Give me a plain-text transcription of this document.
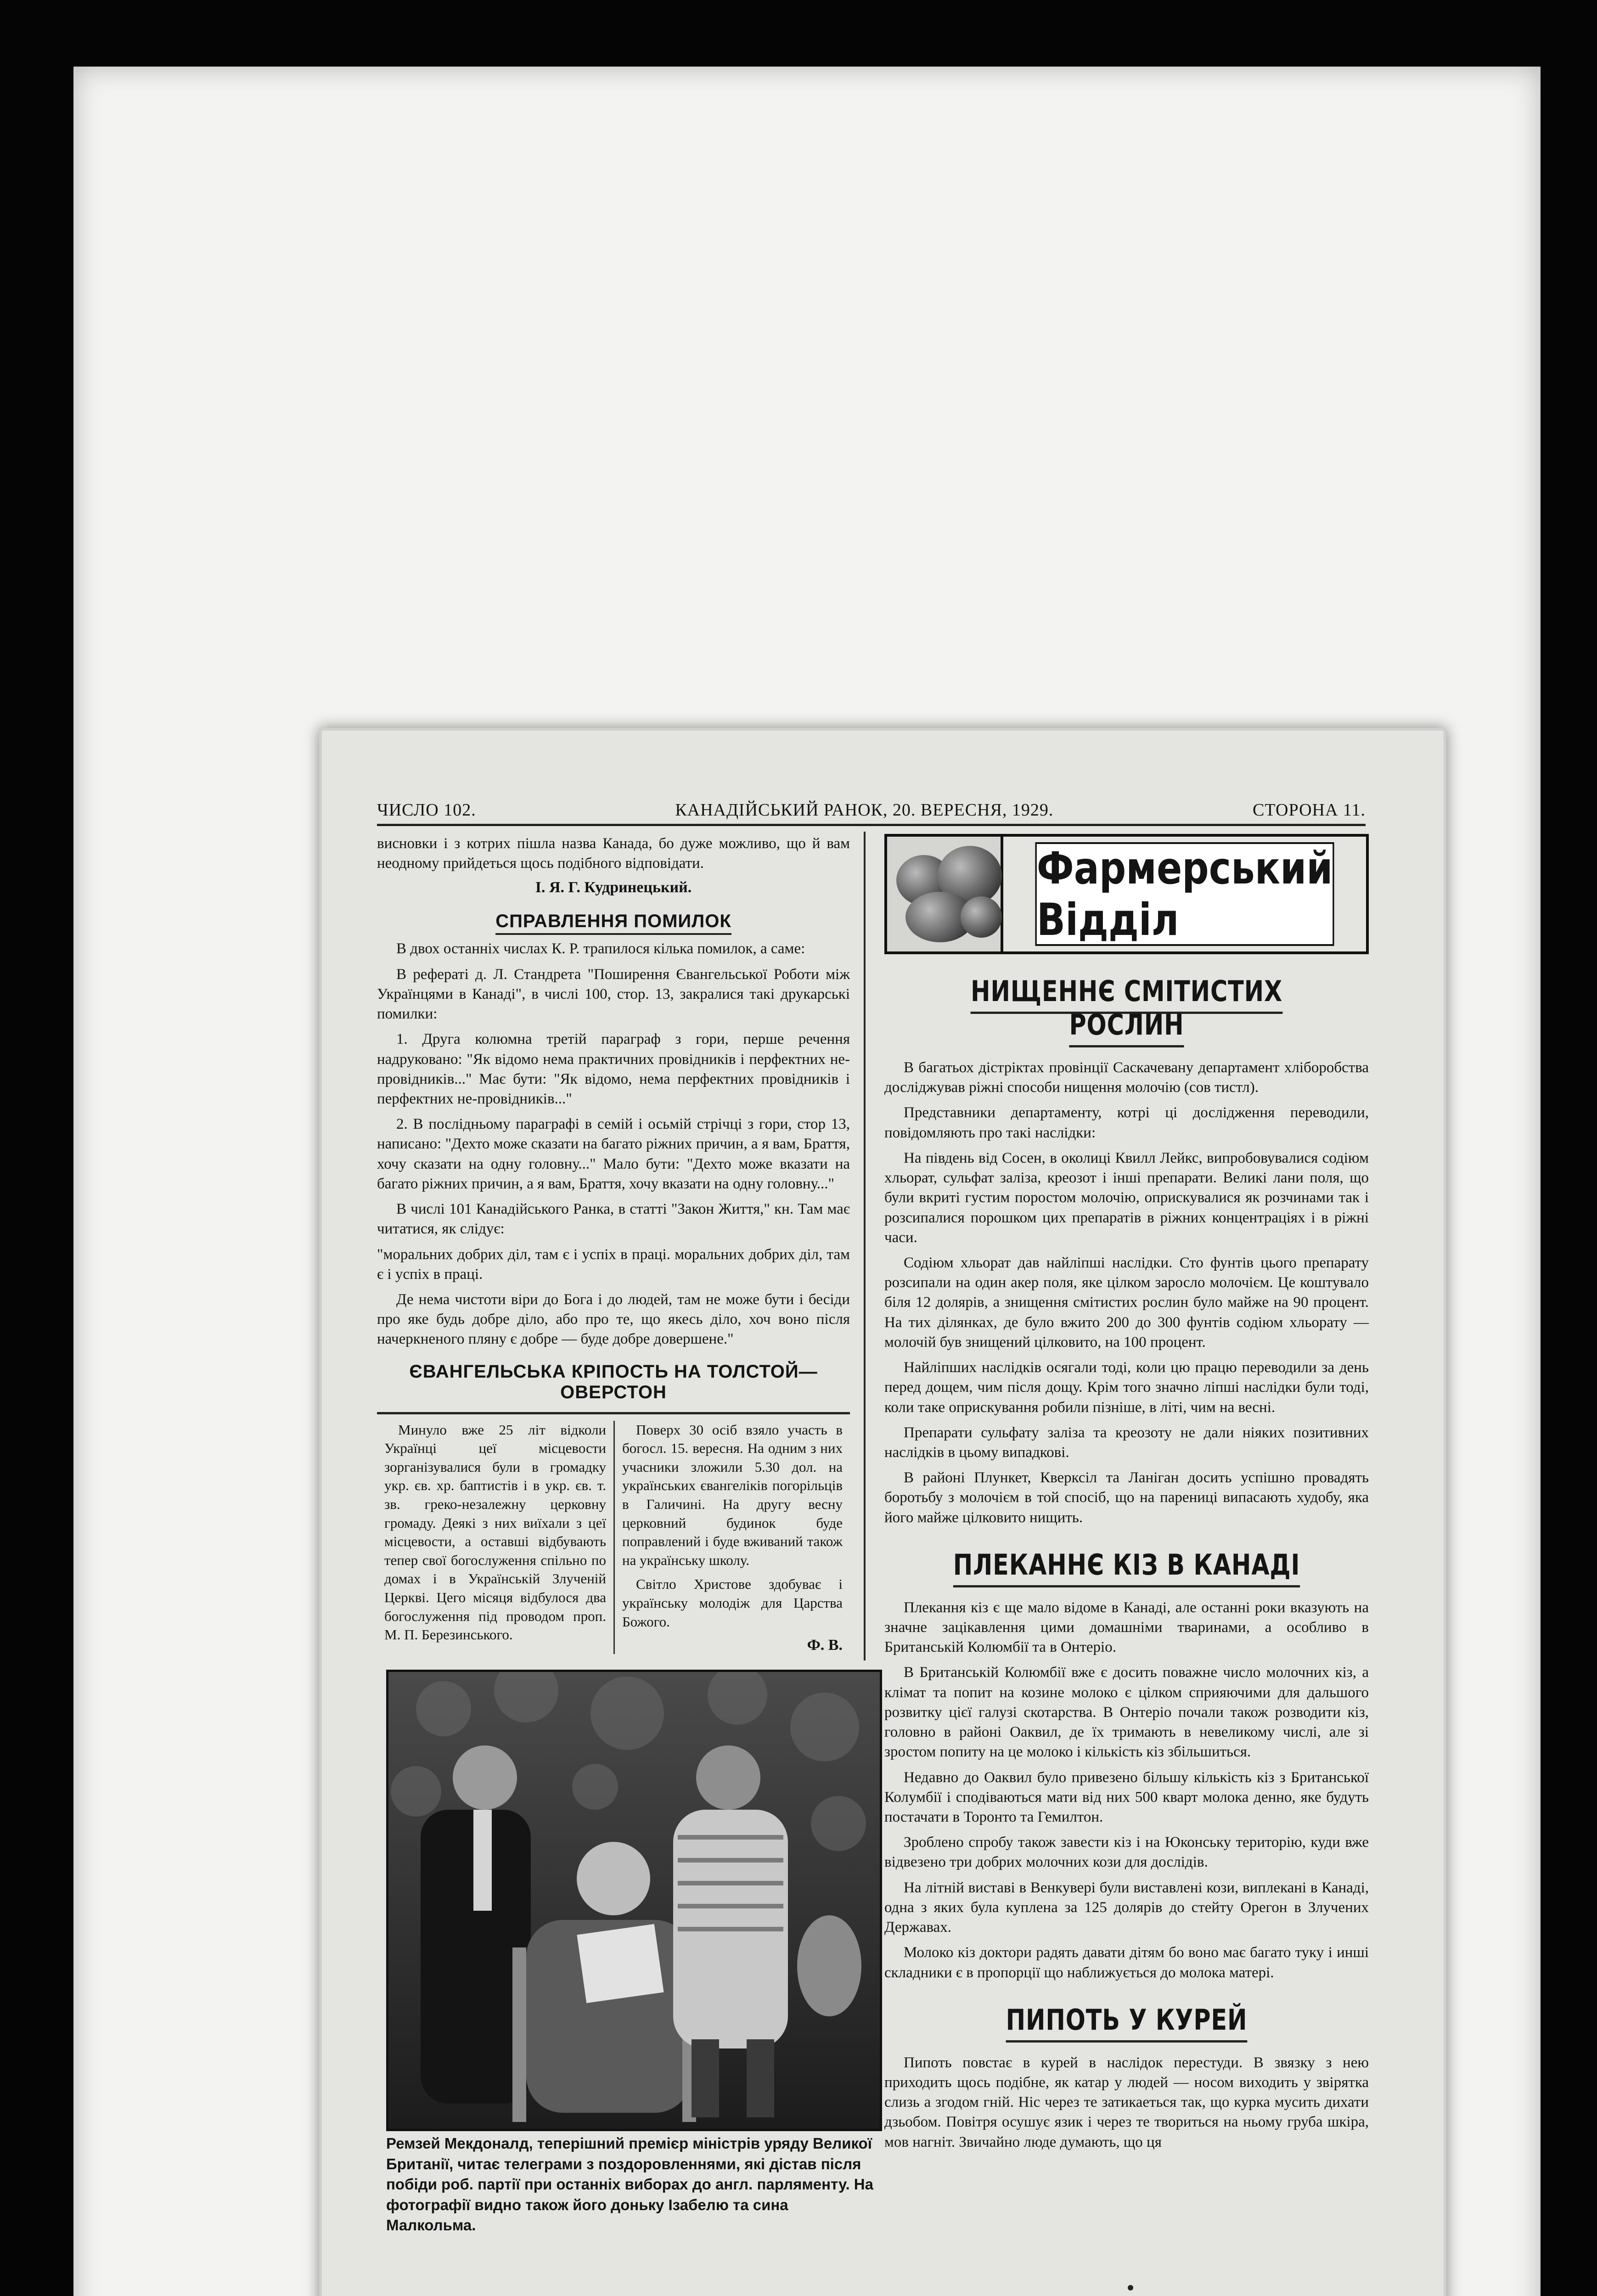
ЧИСЛО 102.	КАНАДІЙСЬКИЙ РАНОК, 20. ВЕРЕСНЯ, 1929.	СТОРОНА 11.

висновки і з котрих пішла назва Канада, бо дуже можливо, що й вам неодному прийдеться щось подібного відповідати.

І. Я. Г. Кудринецький.
СПРАВЛЕННЯ ПОМИЛОК

В двох останніх числах К. Р. трапилося кілька помилок, а саме:

В рефераті д. Л. Стандрета "Поширення Євангельської Роботи між Українцями в Канаді", в числі 100, стор. 13, закралися такі друкарські помилки:

1. Друга колюмна третій параграф з гори, перше речення надруковано: "Як відомо нема практичних провідників і перфектних не-провідників..." Має бути: "Як відомо, нема перфектних провідників і перфектних не-провідників..."

2. В послідньому параграфі в семій і осьмій стрічці з гори, стор 13, написано: "Дехто може сказати на багато ріжних причин, а я вам, Браття, хочу сказати на одну головну..." Мало бути: "Дехто може вказати на багато ріжних причин, а я вам, Браття, хочу вказати на одну головну..."

В числі 101 Канадійського Ранка, в статті "Закон Життя," кн. Там має читатися, як слідує:

"моральних добрих діл, там є і успіх в праці. моральних добрих діл, там є і успіх в праці.

Де нема чистоти віри до Бога і до людей, там не може бути і бесіди про яке будь добре діло, або про те, що якесь діло, хоч воно після начеркненого пляну є добре — буде добре довершене."

ЄВАНГЕЛЬСЬКА КРІПОСТЬ НА ТОЛСТОЙ—ОВЕРСТОН

Минуло вже 25 літ відколи Українці цеї місцевости зорганізувалися були в громадку укр. єв. хр. баптистів і в укр. єв. т. зв. греко-незалежну церковну громаду. Деякі з них виїхали з цеї місцевости, а оставші відбувають тепер свої богослуження спільно по домах і в Українській Злученій Церкві. Цего місяця відбулося два богослуження під проводом проп. М. П. Березинського.

Поверх 30 осіб взяло участь в богосл. 15. вересня. На одним з них учасники зложили 5.30 дол. на українських євангеліків погорільців в Галичині. На другу весну церковний будинок буде поправлений і буде вживаний також на українську школу.

Світло Христове здобуває і українську молодіж для Царства Божого.

Ф. В.
Ремзей Мекдоналд, теперішний премієр міністрів уряду Великої Британії, читає телеграми з поздоровленнями, які дістав після побіди роб. партії при останніх виборах до англ. парляменту. На фотографії видно також його доньку Ізабелю та сина Малкольма.
Фармерський Відділ
НИЩЕННЄ СМІТИСТИХ РОСЛИН

В багатьох дістріктах провінції Саскачевану департамент хліборобства досліджував ріжні способи нищення молочію (сов тистл).

Представники департаменту, котрі ці дослідження переводили, повідомляють про такі наслідки:

На південь від Сосен, в околиці Квилл Лейкс, випробовувалися содіюм хльорат, сульфат заліза, креозот і інші препарати. Великі лани поля, що були вкриті густим поростом молочію, оприскувалися як розчинами так і розсипалися порошком цих препаратів в ріжних концентраціях і в ріжні часи.

Содіюм хльорат дав найліпші наслідки. Сто фунтів цього препарату розсипали на один акер поля, яке цілком заросло молочієм. Це коштувало біля 12 долярів, а знищення смітистих рослин було майже на 90 процент. На тих ділянках, де було вжито 200 до 300 фунтів содіюм хльорату — молочій був знищений цілковито, на 100 процент.

Найліпших наслідків осягали тоді, коли цю працю переводили за день перед дощем, чим після дощу. Крім того значно ліпші наслідки були тоді, коли таке оприскування робили пізніше, в літі, чим на весні.

Препарати сульфату заліза та креозоту не дали ніяких позитивних наслідків в цьому випадкові.

В районі Плункет, Кверксіл та Ланіган досить успішно провадять боротьбу з молочієм в той спосіб, що на парениці випасають худобу, яка його майже цілковито нищить.

ПЛЕКАННЄ КІЗ В КАНАДІ

Плекання кіз є ще мало відоме в Канаді, але останні роки вказують на значне зацікавлення цими домашніми тваринами, а особливо в Британській Колюмбії та в Онтеріо.

В Британській Колюмбії вже є досить поважне число молочних кіз, а клімат та попит на козине молоко є цілком сприяючими для дальшого розвитку цієї галузі скотарства. В Онтеріо почали також розводити кіз, головно в районі Оаквил, де їх тримають в невеликому числі, але зі зростом попиту на це молоко і кількість кіз збільшиться.

Недавно до Оаквил було привезено більшу кількість кіз з Британської Колумбії і сподіваються мати від них 500 кварт молока денно, яке будуть постачати в Торонто та Гемилтон.

Зроблено спробу також завести кіз і на Юконську територію, куди вже відвезено три добрих молочних кози для дослідів.

На літній виставі в Венкувері були виставлені кози, виплекані в Канаді, одна з яких була куплена за 125 долярів до стейту Орегон в Злучених Державах.

Молоко кіз доктори радять давати дітям бо воно має багато туку і инші складники є в пропорції що наближується до молока матері.

ПИПОТЬ У КУРЕЙ

Пипоть повстає в курей в наслідок перестуди. В звязку з нею приходить щось подібне, як катар у людей — носом виходить у звірятка слизь а згодом гній. Ніс через те затикаеться так, що курка мусить дихати дзьобом. Повітря осушує язик і через те твориться на ньому груба шкіра, мов нагніт. Звичайно люде думають, що ця
